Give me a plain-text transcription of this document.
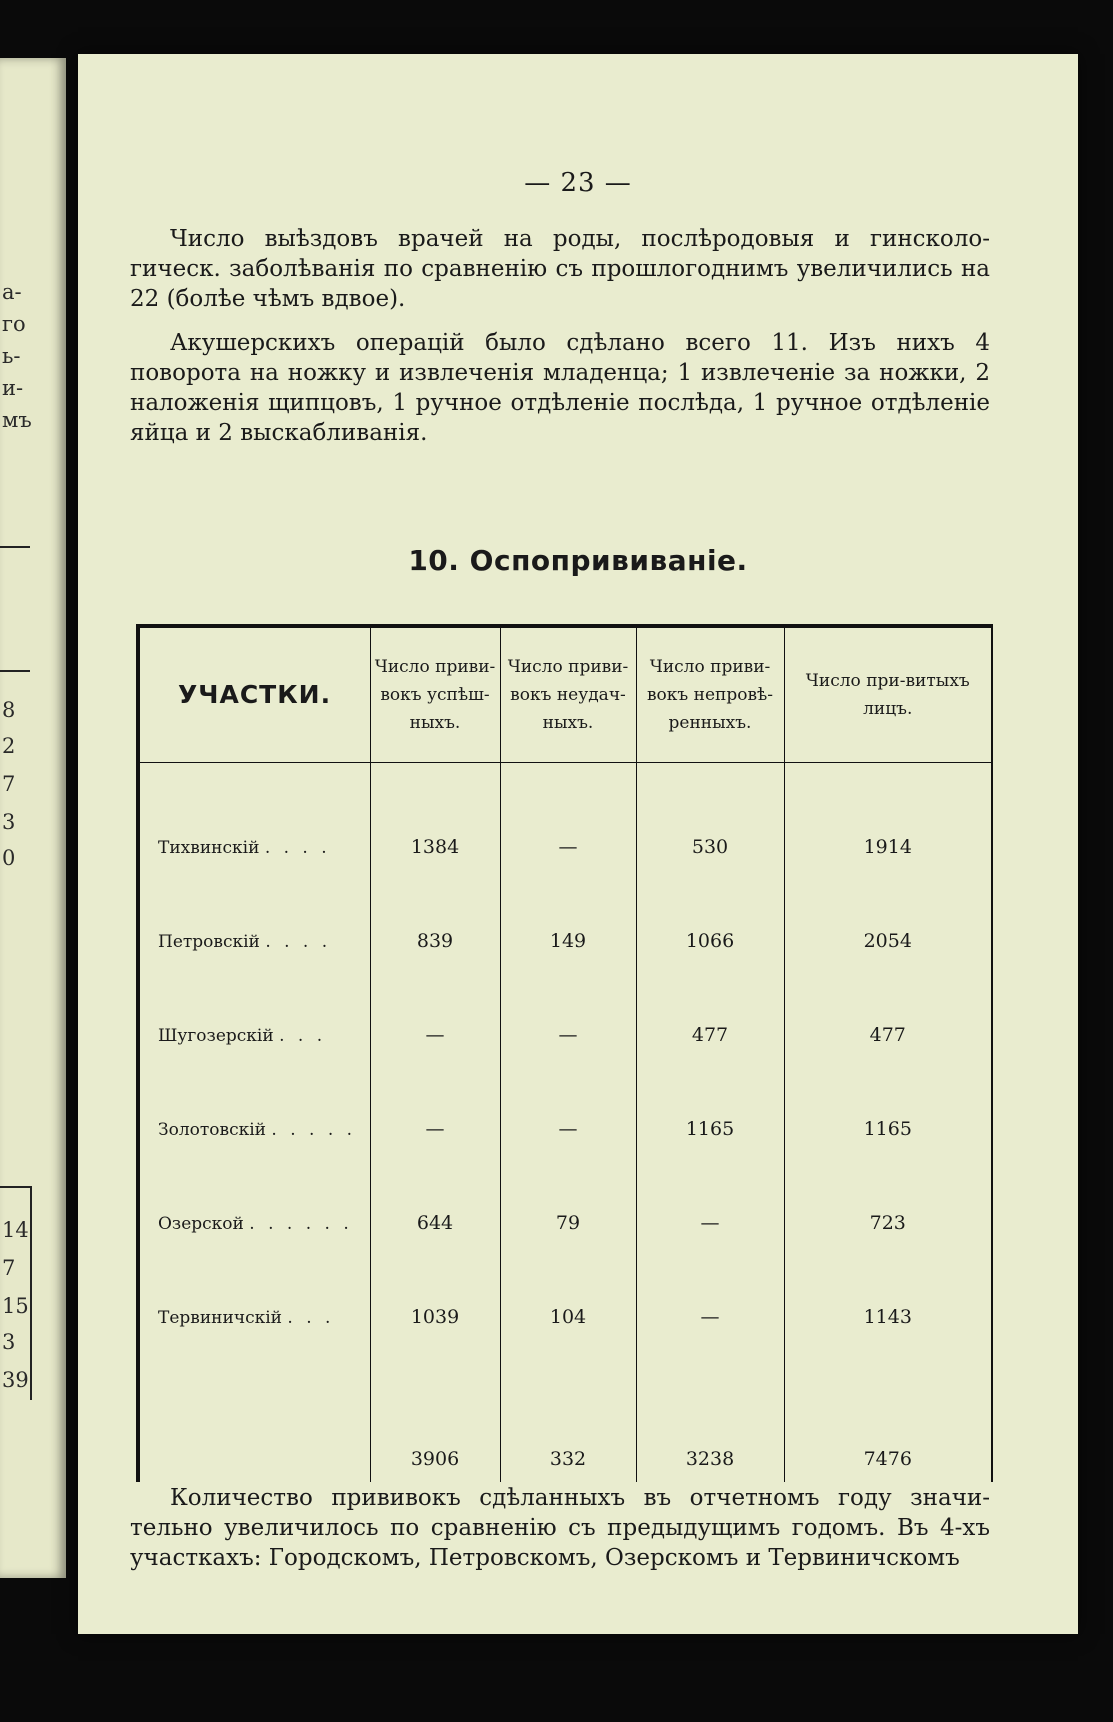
а-
го
ь-
и-
мъ
8
2
7
3
0
14
7
15
3
39
— 23 —

Число выѣздовъ врачей на роды, послѣродовыя и гинсколо-гическ. заболѣванія по сравненію съ прошлогоднимъ увеличились на 22 (болѣе чѣмъ вдвое).

Акушерскихъ операцій было сдѣлано всего 11. Изъ нихъ 4 поворота на ножку и извлеченія младенца; 1 извлеченіе за ножки, 2 наложенія щипцовъ, 1 ручное отдѣленіе послѣда, 1 ручное отдѣленіе яйца и 2 выскабливанія.

10. Оспопрививаніе.
УЧАСТКИ.	Число приви-вокъ успѣш-ныхъ.	Число приви-вокъ неудач-ныхъ.	Число приви-вокъ непровѣ-ренныхъ.	Число при-витыхъ лицъ.
Тихвинскій . . . .	1384	—	530	1914
Петровскій . . . .	839	149	1066	2054
Шугозерскій . . .	—	—	477	477
Золотовскій . . . . .	—	—	1165	1165
Озерской . . . . . .	644	79	—	723
Тервиничскій . . .	1039	104	—	1143
	3906	332	3238	7476

Количество прививокъ сдѣланныхъ въ отчетномъ году значи-тельно увеличилось по сравненію съ предыдущимъ годомъ. Въ 4-хъ участкахъ: Городскомъ, Петровскомъ, Озерскомъ и Тервиничскомъ
